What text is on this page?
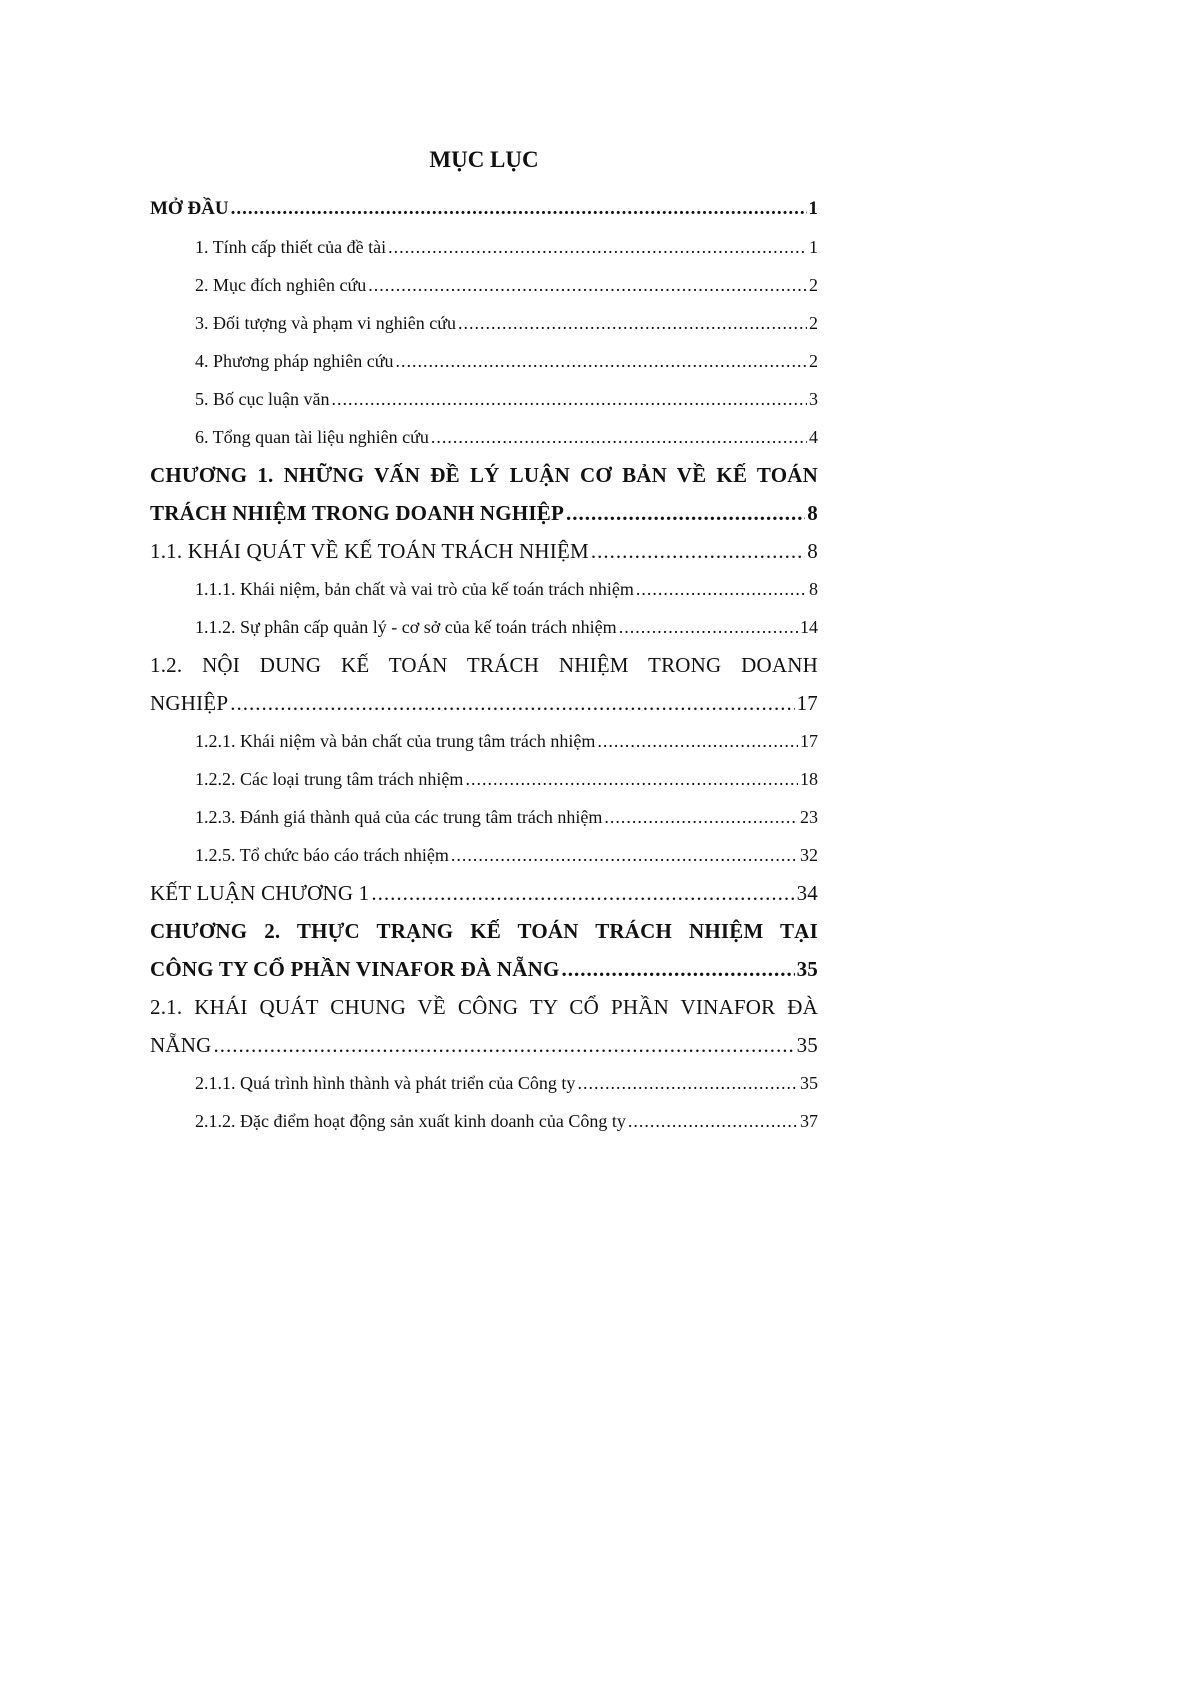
MỤC LỤC
MỞ ĐẦU .....	1
1. Tính cấp thiết của đề tài .....	1
2. Mục đích nghiên cứu .....	2
3. Đối tượng và phạm vi nghiên cứu .....	2
4. Phương pháp nghiên cứu .....	2
5. Bố cục luận văn .....	3
6. Tổng quan tài liệu nghiên cứu .....	4
CHƯƠNG 1. NHỮNG VẤN ĐỀ LÝ LUẬN CƠ BẢN VỀ KẾ TOÁN
TRÁCH NHIỆM TRONG DOANH NGHIỆP .....	8
1.1. KHÁI QUÁT VỀ KẾ TOÁN TRÁCH NHIỆM .....	8
1.1.1. Khái niệm, bản chất và vai trò của kế toán trách nhiệm .....	8
1.1.2. Sự phân cấp quản lý - cơ sở của kế toán trách nhiệm .....	14
1.2. NỘI DUNG KẾ TOÁN TRÁCH NHIỆM TRONG DOANH
NGHIỆP .....	17
1.2.1. Khái niệm và bản chất của trung tâm trách nhiệm .....	17
1.2.2. Các loại trung tâm trách nhiệm .....	18
1.2.3. Đánh giá thành quả của các trung tâm trách nhiệm .....	23
1.2.5. Tổ chức báo cáo trách nhiệm .....	32
KẾT LUẬN CHƯƠNG 1 .....	34
CHƯƠNG 2. THỰC TRẠNG KẾ TOÁN TRÁCH NHIỆM TẠI
CÔNG TY CỔ PHẦN VINAFOR ĐÀ NẴNG .....	35
2.1. KHÁI QUÁT CHUNG VỀ CÔNG TY CỔ PHẦN VINAFOR ĐÀ
NẴNG .....	35
2.1.1. Quá trình hình thành và phát triển của Công ty .....	35
2.1.2. Đặc điểm hoạt động sản xuất kinh doanh của Công ty .....	37
